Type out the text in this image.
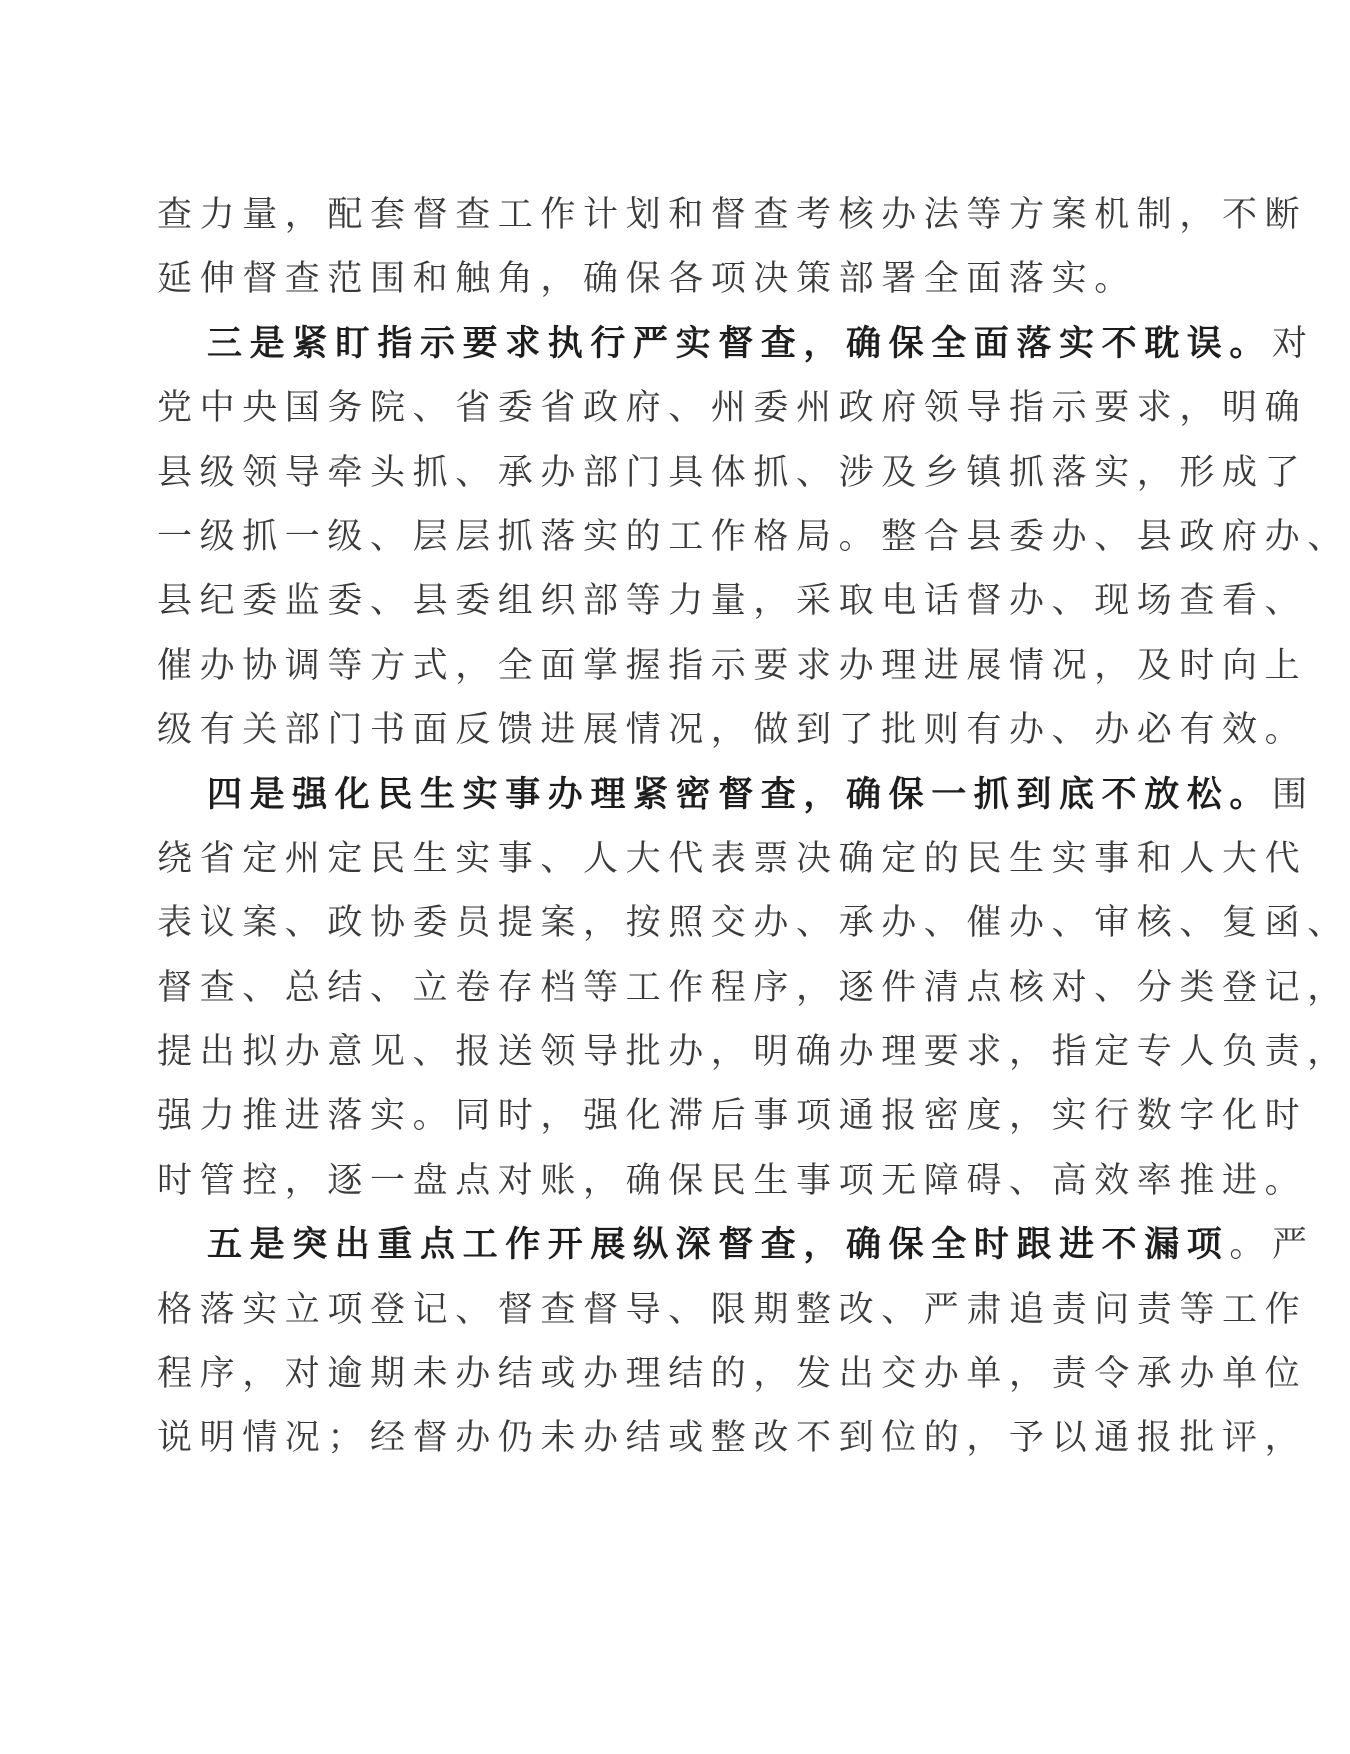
查力量，配套督查工作计划和督查考核办法等方案机制，不断
延伸督查范围和触角，确保各项决策部署全面落实。
三是紧盯指示要求执行严实督查，确保全面落实不耽误。对
党中央国务院、省委省政府、州委州政府领导指示要求，明确
县级领导牵头抓、承办部门具体抓、涉及乡镇抓落实，形成了
一级抓一级、层层抓落实的工作格局。整合县委办、县政府办、
县纪委监委、县委组织部等力量，采取电话督办、现场查看、
催办协调等方式，全面掌握指示要求办理进展情况，及时向上
级有关部门书面反馈进展情况，做到了批则有办、办必有效。
四是强化民生实事办理紧密督查，确保一抓到底不放松。围
绕省定州定民生实事、人大代表票决确定的民生实事和人大代
表议案、政协委员提案，按照交办、承办、催办、审核、复函、
督查、总结、立卷存档等工作程序，逐件清点核对、分类登记，
提出拟办意见、报送领导批办，明确办理要求，指定专人负责，
强力推进落实。同时，强化滞后事项通报密度，实行数字化时
时管控，逐一盘点对账，确保民生事项无障碍、高效率推进。
五是突出重点工作开展纵深督查，确保全时跟进不漏项。严
格落实立项登记、督查督导、限期整改、严肃追责问责等工作
程序，对逾期未办结或办理结的，发出交办单，责令承办单位
说明情况；经督办仍未办结或整改不到位的，予以通报批评，
